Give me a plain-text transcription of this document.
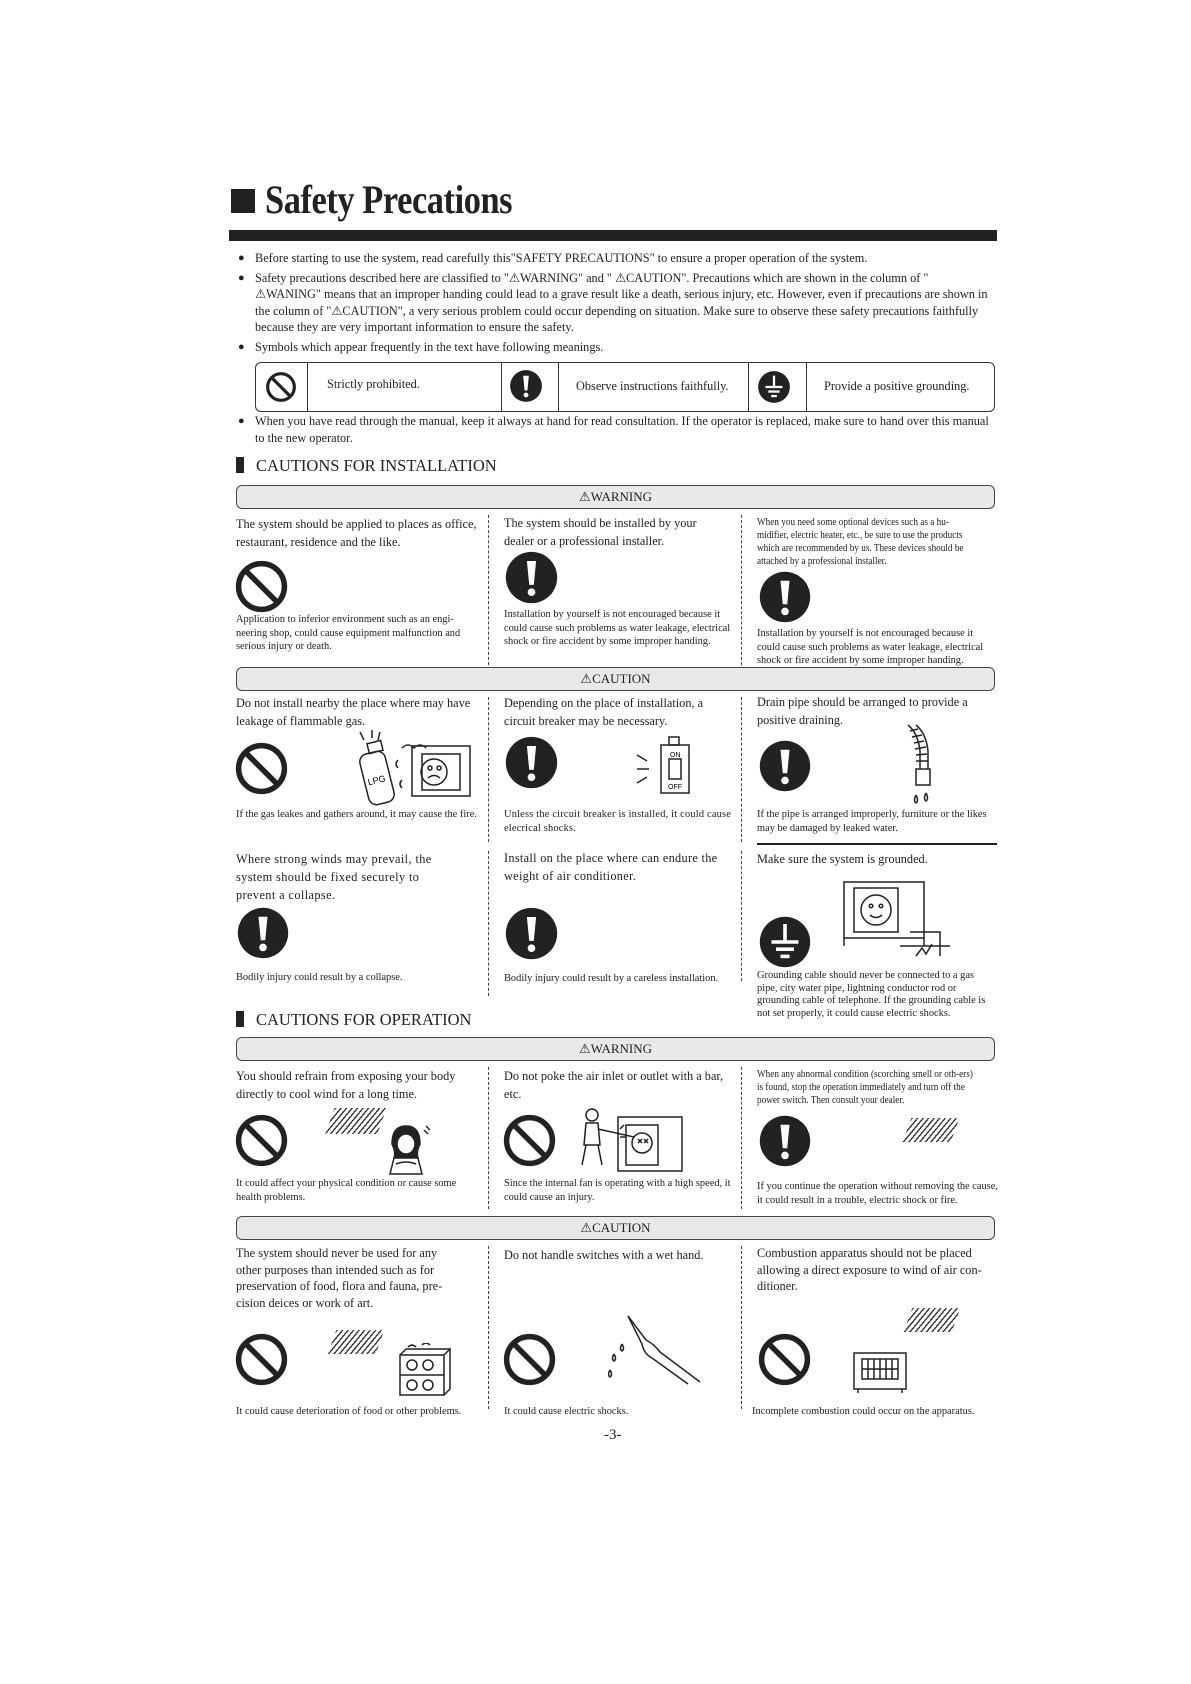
Safety Precations
● Before starting to use the system, read carefully this"SAFETY PRECAUTIONS" to ensure a proper operation of the system.
● Safety precautions described here are classified to "⚠WARNING" and " ⚠CAUTION". Precautions which are shown in the column of " ⚠WANING" means that an improper handing could lead to a grave result like a death, serious injury, etc. However, even if precautions are shown in the column of "⚠CAUTION", a very serious problem could occur depending on situation. Make sure to observe these safety precautions faithfully because they are very important information to ensure the safety.
● Symbols which appear frequently in the text have following meanings.
Strictly prohibited.	Observe instructions faithfully.	Provide a positive grounding.
● When you have read through the manual, keep it always at hand for read consultation. If the operator is replaced, make sure to hand over this manual to the new operator.
CAUTIONS FOR INSTALLATION
⚠WARNING
The system should be applied to places as office, restaurant, residence and the like.
Application to inferior environment such as an engi-neering shop, could cause equipment malfunction and serious injury or death.
The system should be installed by your dealer or a professional installer.
Installation by yourself is not encouraged because it could cause such problems as water leakage, electrical shock or fire accident by some improper handing.
When you need some optional devices such as a hu-midifier, electric heater, etc., be sure to use the products which are recommended by us. These devices should be attached by a professional installer.
Installation by yourself is not encouraged because it could cause such problems as water leakage, electrical shock or fire accident by some improper handing.
⚠CAUTION
Do not install nearby the place where may have leakage of flammable gas.
LPG
If the gas leakes and gathers around, it may cause the fire.
Depending on the place of installation, a circuit breaker may be necessary.
ON
OFF
Unless the circuit breaker is installed, it could cause elecrical shocks.
Drain pipe should be arranged to provide a positive draining.
If the pipe is arranged improperly, furniture or the likes may be damaged by leaked water.
Where strong winds may prevail, the system should be fixed securely to prevent a collapse.
Bodily injury could result by a collapse.
Install on the place where can endure the weight of air conditioner.
Bodily injury could result by a careless installation.
Make sure the system is grounded.
Grounding cable should never be connected to a gas pipe, city water pipe, lightning conductor rod or grounding cable of telephone. If the grounding cable is not set properly, it could cause electric shocks.
CAUTIONS FOR OPERATION
⚠WARNING
You should refrain from exposing your body directly to cool wind for a long time.
It could affect your physical condition or cause some health problems.
Do not poke the air inlet or outlet with a bar, etc.
Since the internal fan is operating with a high speed, it could cause an injury.
When any abnormal condition (scorching smell or oth-ers) is found, stop the operation immediately and turn off the power switch. Then consult your dealer.
If you continue the operation without removing the cause, it could result in a trouble, electric shock or fire.
⚠CAUTION
The system should never be used for any other purposes than intended such as for preservation of food, flora and fauna, pre-cision deices or work of art.
It could cause deterioration of food or other problems.
Do not handle switches with a wet hand.
It could cause electric shocks.
Combustion apparatus should not be placed allowing a direct exposure to wind of air con-ditioner.
Incomplete combustion could occur on the apparatus.
-3-
